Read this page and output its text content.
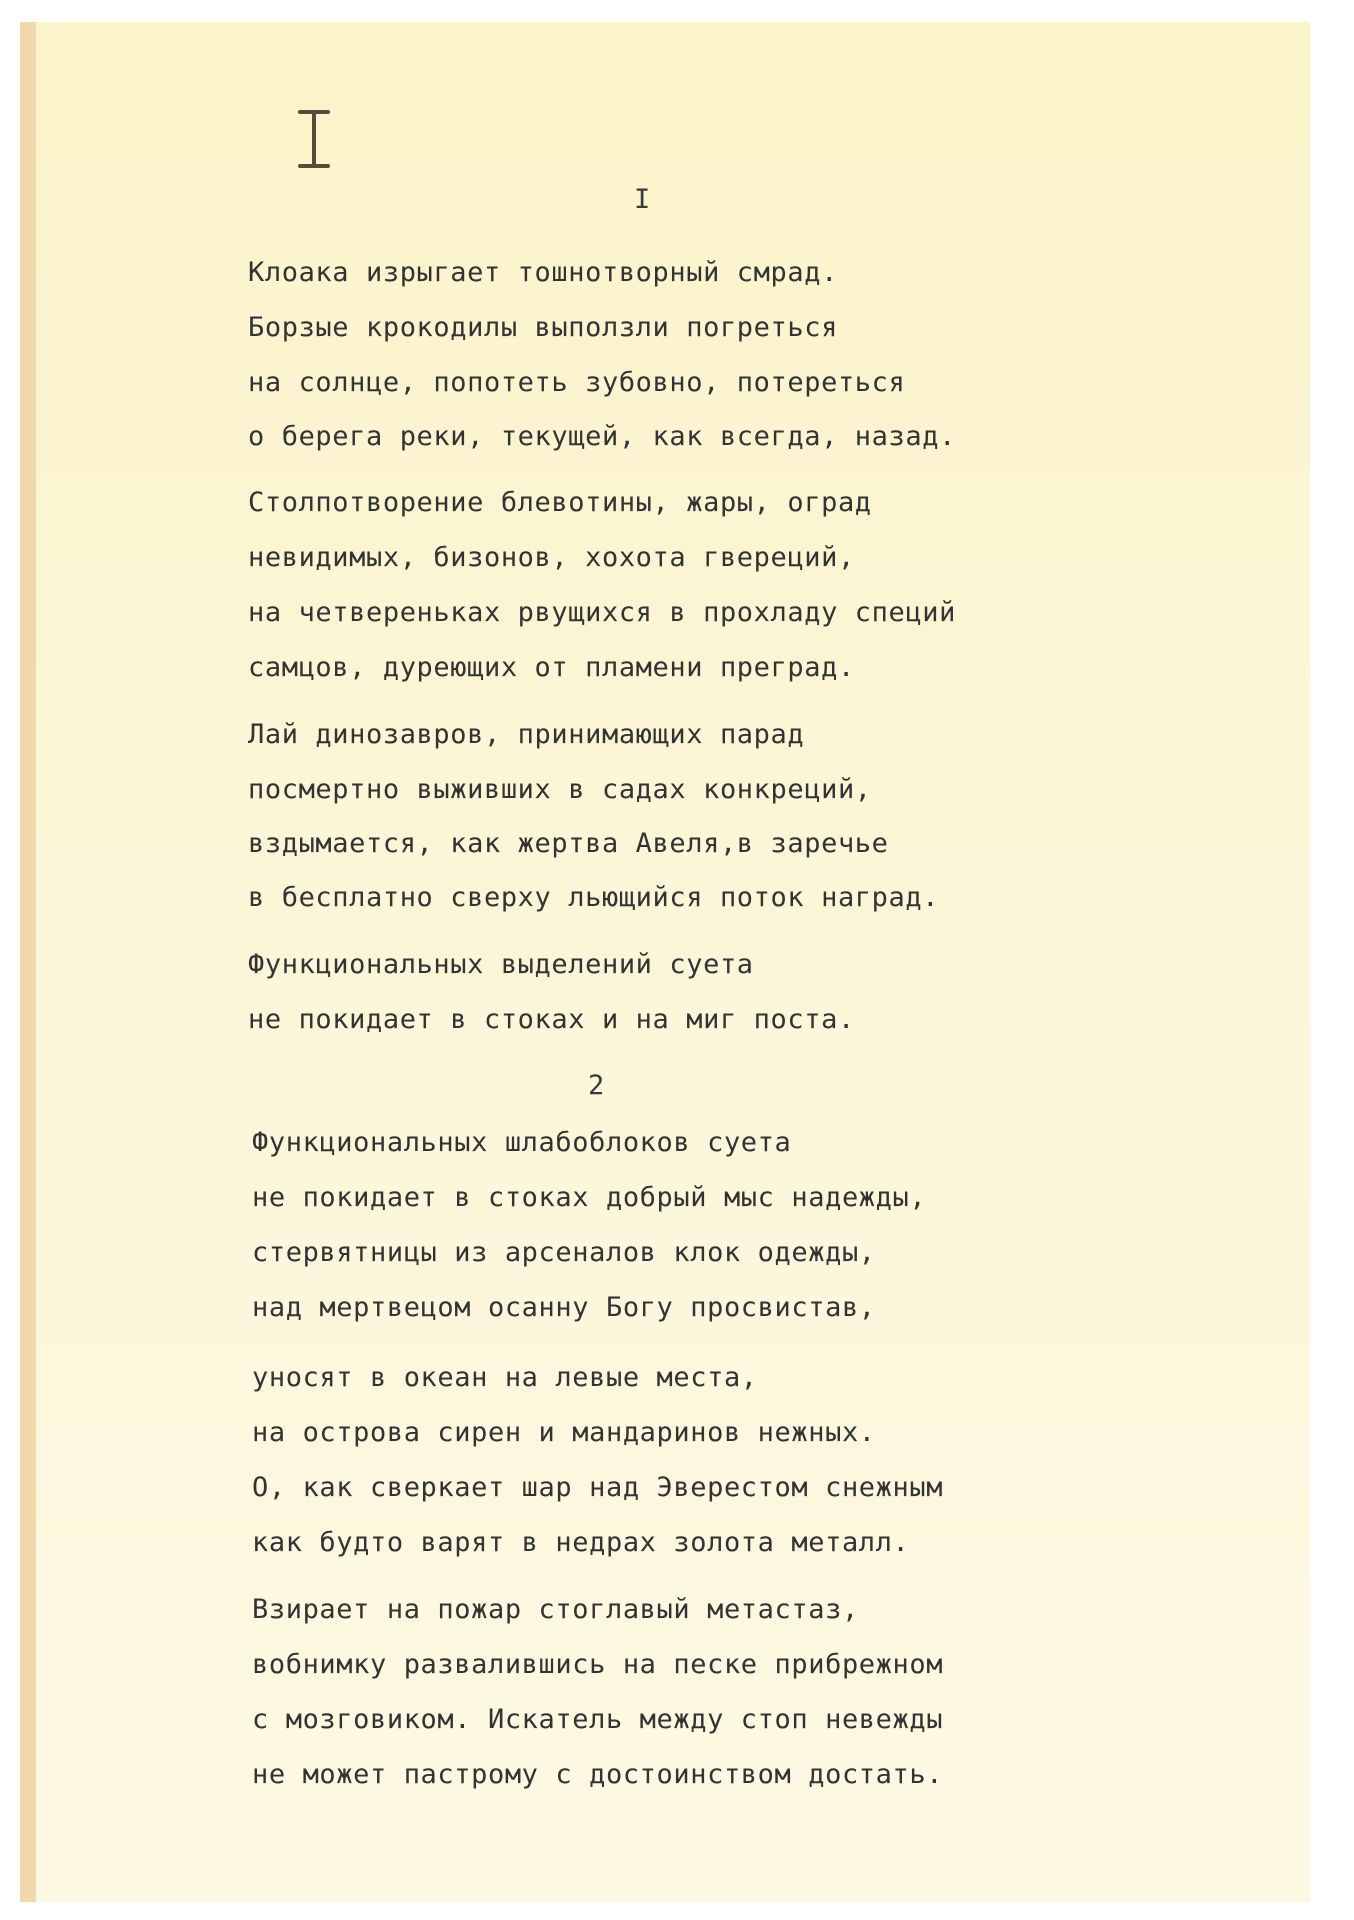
I
Клоака изрыгает тошнотворный смрад.
Борзые крокодилы выползли погреться
на солнце, попотеть зубовно, потереться
о берега реки, текущей, как всегда, назад.
Столпотворение блевотины, жары, оград
невидимых, бизонов, хохота гвереций,
на четвереньках рвущихся в прохладу специй
самцов, дурeющих от пламени преград.
Лай динозавров, принимающих парад
посмертно выживших в садах конкреций,
вздымается, как жертва Авеля,в заречье
в бесплатно сверху льющийся поток наград.
Функциональных выделений суета
не покидает в стоках и на миг поста.
2
Функциональных шлабоблоков суета
не покидает в стоках добрый мыс надежды,
стервятницы из арсеналов клок одежды,
над мертвецом осанну Богу просвистав,
уносят в океан на левые места,
на острова сирен и мандаринов нежных.
О, как сверкает шар над Эверестом снежным
как будто варят в недрах золота металл.
Взирает на пожар стоглавый метастаз,
вобнимку развалившись на песке прибрежном
с мозговиком. Искатель между стоп невежды
не может пастрому с достоинством достать.
